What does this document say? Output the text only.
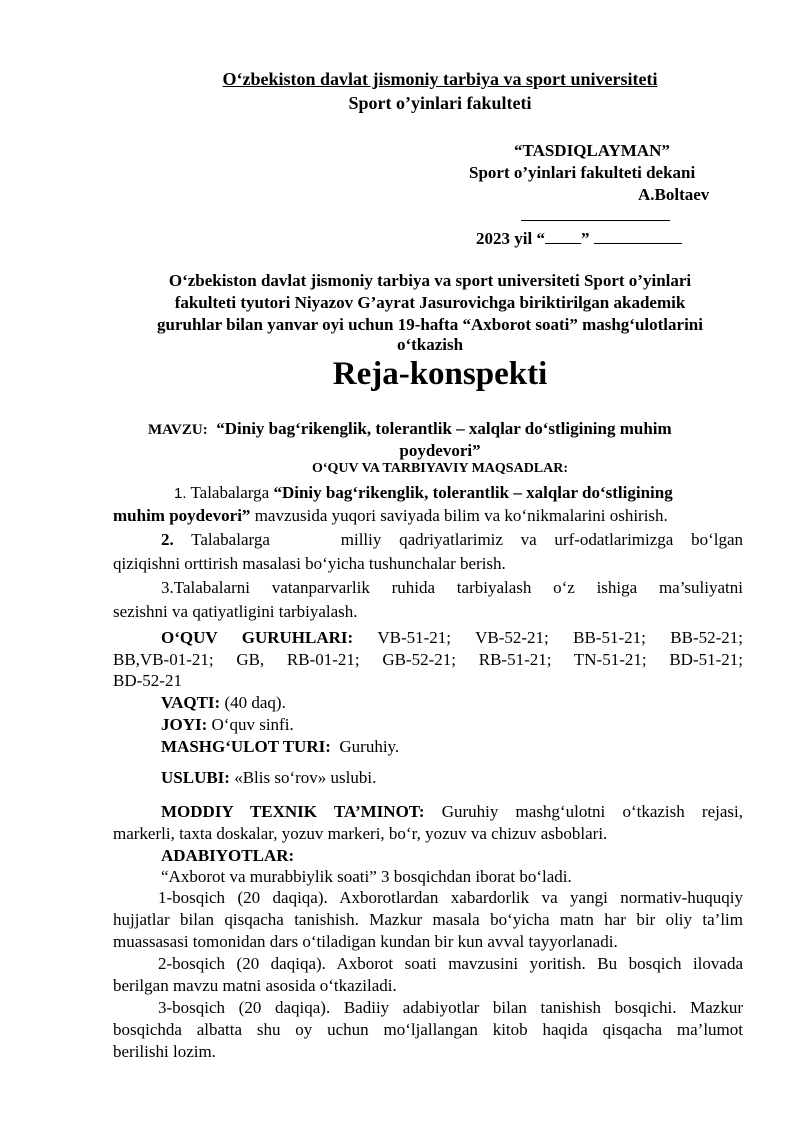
O‘zbekiston davlat jismoniy tarbiya va sport universiteti
Sport o’yinlari fakulteti
“TASDIQLAYMAN”
Sport o’yinlari fakulteti dekani
A.Boltaev
2023 yil “ ”
O‘zbekiston davlat jismoniy tarbiya va sport universiteti Sport o’yinlari
fakulteti tyutori Niyazov G’ayrat Jasurovichga biriktirilgan akademik
guruhlar bilan yanvar oyi uchun 19-hafta “Axborot soati” mashg‘ulotlarini
o‘tkazish
Reja-konspekti
MAVZU: “Diniy bag‘rikenglik, tolerantlik – xalqlar do‘stligining muhim
poydevori”
O‘QUV VA TARBIYAVIY MAQSADLAR:
1. Talabalarga “Diniy bag‘rikenglik, tolerantlik – xalqlar do‘stligining
muhim poydevori” mavzusida yuqori saviyada bilim va ko‘nikmalarini oshirish.
2. Talabalarga    milliy qadriyatlarimiz va urf-odatlarimizga bo‘lgan
qiziqishni orttirish masalasi bo‘yicha tushunchalar berish.
3.Talabalarni vatanparvarlik ruhida tarbiyalash o‘z ishiga ma’suliyatni
sezishni va qatiyatligini tarbiyalash.
O‘QUV GURUHLARI: VB-51-21; VB-52-21; BB-51-21; BB-52-21;
BB,VB-01-21; GB, RB-01-21; GB-52-21; RB-51-21; TN-51-21; BD-51-21;
BD-52-21
VAQTI: (40 daq).
JOYI: O‘quv sinfi.
MASHG‘ULOT TURI: Guruhiy.
USLUBI: «Blis so‘rov» uslubi.
MODDIY TEXNIK TA’MINOT: Guruhiy mashg‘ulotni o‘tkazish rejasi,
markerli, taxta doskalar, yozuv markeri, bo‘r, yozuv va chizuv asboblari.
ADABIYOTLAR:
“Axborot va murabbiylik soati” 3 bosqichdan iborat bo‘ladi.
1-bosqich (20 daqiqa). Axborotlardan xabardorlik va yangi normativ-huquqiy
hujjatlar bilan qisqacha tanishish. Mazkur masala bo‘yicha matn har bir oliy ta’lim
muassasasi tomonidan dars o‘tiladigan kundan bir kun avval tayyorlanadi.
2-bosqich (20 daqiqa). Axborot soati mavzusini yoritish. Bu bosqich ilovada
berilgan mavzu matni asosida o‘tkaziladi.
3-bosqich (20 daqiqa). Badiiy adabiyotlar bilan tanishish bosqichi. Mazkur
bosqichda albatta shu oy uchun mo‘ljallangan kitob haqida qisqacha ma’lumot
berilishi lozim.
